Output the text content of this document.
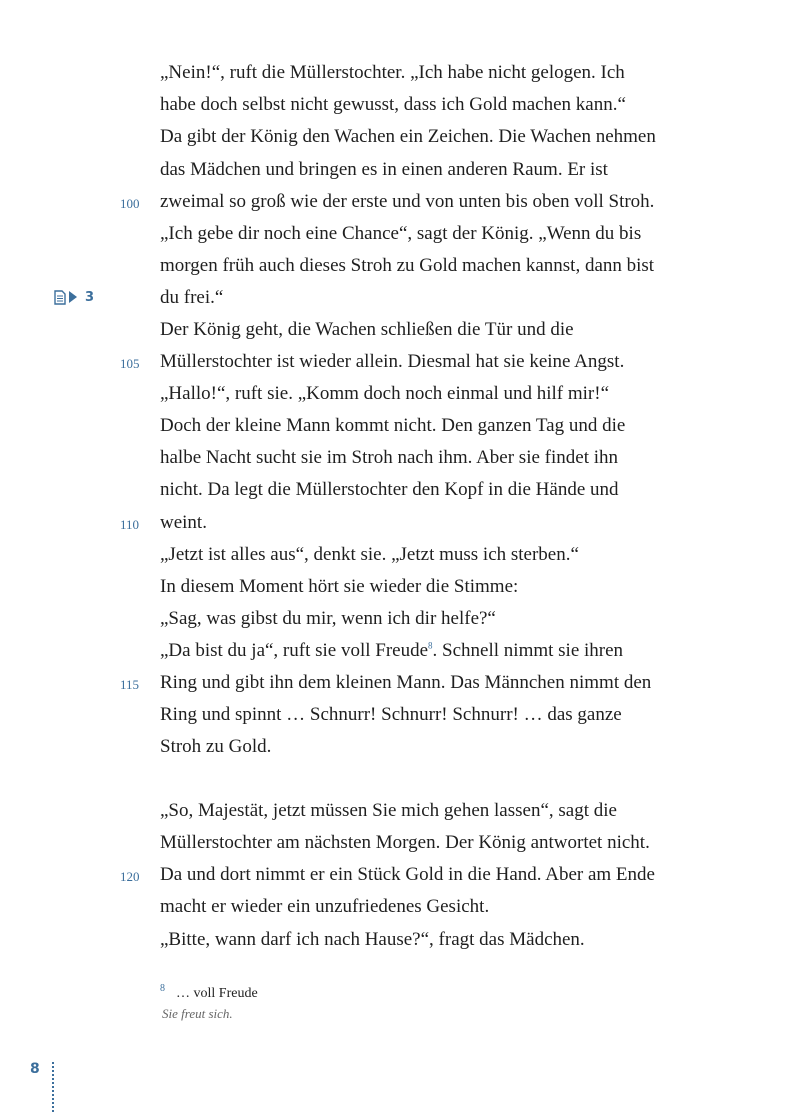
„Nein!“, ruft die Müllerstochter. „Ich habe nicht gelogen. Ich
habe doch selbst nicht gewusst, dass ich Gold machen kann.“
Da gibt der König den Wachen ein Zeichen. Die Wachen nehmen
das Mädchen und bringen es in einen anderen Raum. Er ist
zweimal so groß wie der erste und von unten bis oben voll Stroh.
„Ich gebe dir noch eine Chance“, sagt der König. „Wenn du bis
morgen früh auch dieses Stroh zu Gold machen kannst, dann bist
du frei.“
Der König geht, die Wachen schließen die Tür und die
Müllerstochter ist wieder allein. Diesmal hat sie keine Angst.
„Hallo!“, ruft sie. „Komm doch noch einmal und hilf mir!“
Doch der kleine Mann kommt nicht. Den ganzen Tag und die
halbe Nacht sucht sie im Stroh nach ihm. Aber sie findet ihn
nicht. Da legt die Müllerstochter den Kopf in die Hände und
weint.
„Jetzt ist alles aus“, denkt sie. „Jetzt muss ich sterben.“
In diesem Moment hört sie wieder die Stimme:
„Sag, was gibst du mir, wenn ich dir helfe?“
„Da bist du ja“, ruft sie voll Freude$^8$. Schnell nimmt sie ihren
Ring und gibt ihn dem kleinen Mann. Das Männchen nimmt den
Ring und spinnt … Schnurr! Schnurr! Schnurr! … das ganze
Stroh zu Gold.
„So, Majestät, jetzt müssen Sie mich gehen lassen“, sagt die
Müllerstochter am nächsten Morgen. Der König antwortet nicht.
Da und dort nimmt er ein Stück Gold in die Hand. Aber am Ende
macht er wieder ein unzufriedenes Gesicht.
„Bitte, wann darf ich nach Hause?“, fragt das Mädchen.
100
105
110
115
120
3
8 … voll Freude
Sie freut sich.
8
